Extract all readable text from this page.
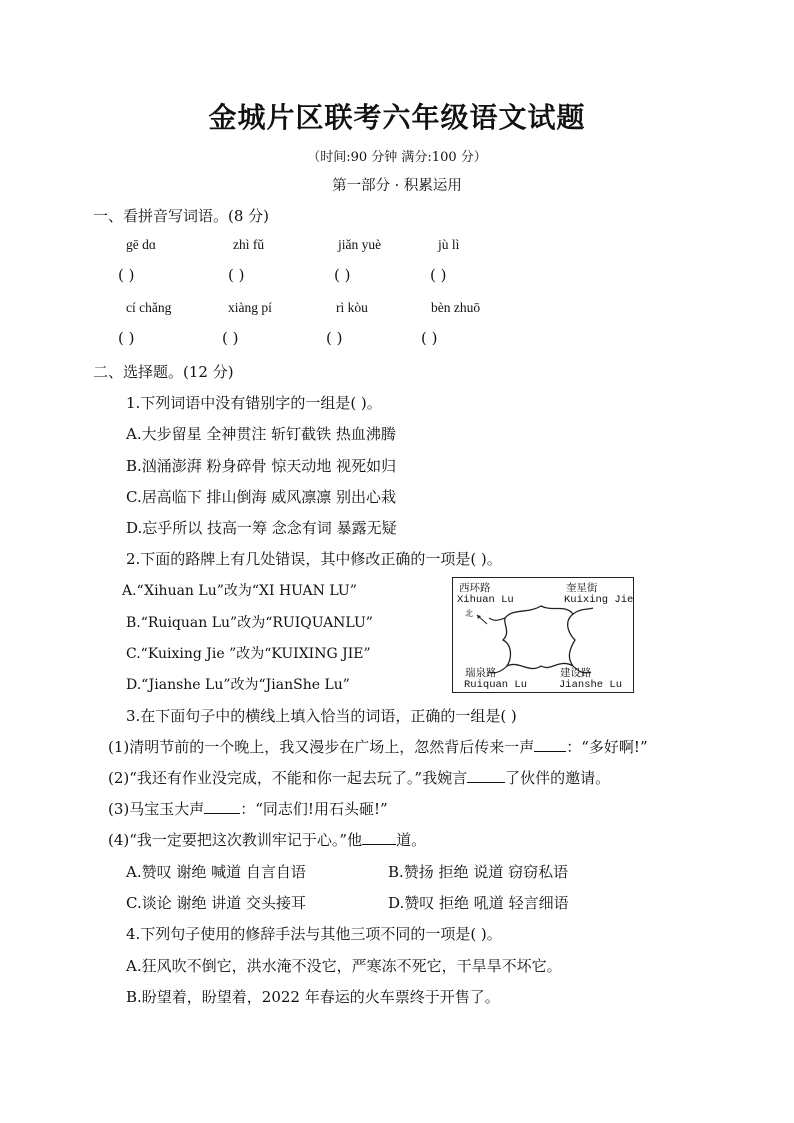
金城片区联考六年级语文试题
（时间:90 分钟 满分:100 分）
第一部分 · 积累运用
一、看拼音写词语。(8 分)
gē dɑ	zhì fǔ	jiǎn yuè	jù lì
( )	( )	( )	( )
cí chǎng	xiàng pí	rì kòu	bèn zhuō
( )	( )	( )	( )
二、选择题。(12 分)
1.下列词语中没有错别字的一组是( )。
A.大步留星 全神贯注 斩钉截铁 热血沸腾
B.汹涌澎湃 粉身碎骨 惊天动地 视死如归
C.居高临下 排山倒海 威风凛凛 别出心栽
D.忘乎所以 技高一筹 念念有词 暴露无疑
2.下面的路牌上有几处错误，其中修改正确的一项是( )。
A.“Xihuan Lu”改为“XI HUAN LU”
B.“Ruiquan Lu”改为“RUIQUANLU”
C.“Kuixing Jie ”改为“KUIXING JIE”
D.“Jianshe Lu”改为“JianShe Lu”
西环路
Xihuan Lu
奎星街
Kuixing Jie
北
瑞泉路
Ruiquan Lu
建设路
Jianshe Lu
3.在下面句子中的横线上填入恰当的词语，正确的一组是( )
(1)清明节前的一个晚上，我又漫步在广场上，忽然背后传来一声 ：“多好啊!”
(2)“我还有作业没完成，不能和你一起去玩了。”我婉言	了伙伴的邀请。
(3)马宝玉大声 ：“同志们!用石头砸!”
(4)“我一定要把这次教训牢记于心。”他 道。
A.赞叹 谢绝 喊道 自言自语	B.赞扬 拒绝 说道 窃窃私语
C.谈论 谢绝 讲道 交头接耳	D.赞叹 拒绝 吼道 轻言细语
4.下列句子使用的修辞手法与其他三项不同的一项是( )。
A.狂风吹不倒它，洪水淹不没它，严寒冻不死它，干旱旱不坏它。
B.盼望着，盼望着，2022 年春运的火车票终于开售了。
